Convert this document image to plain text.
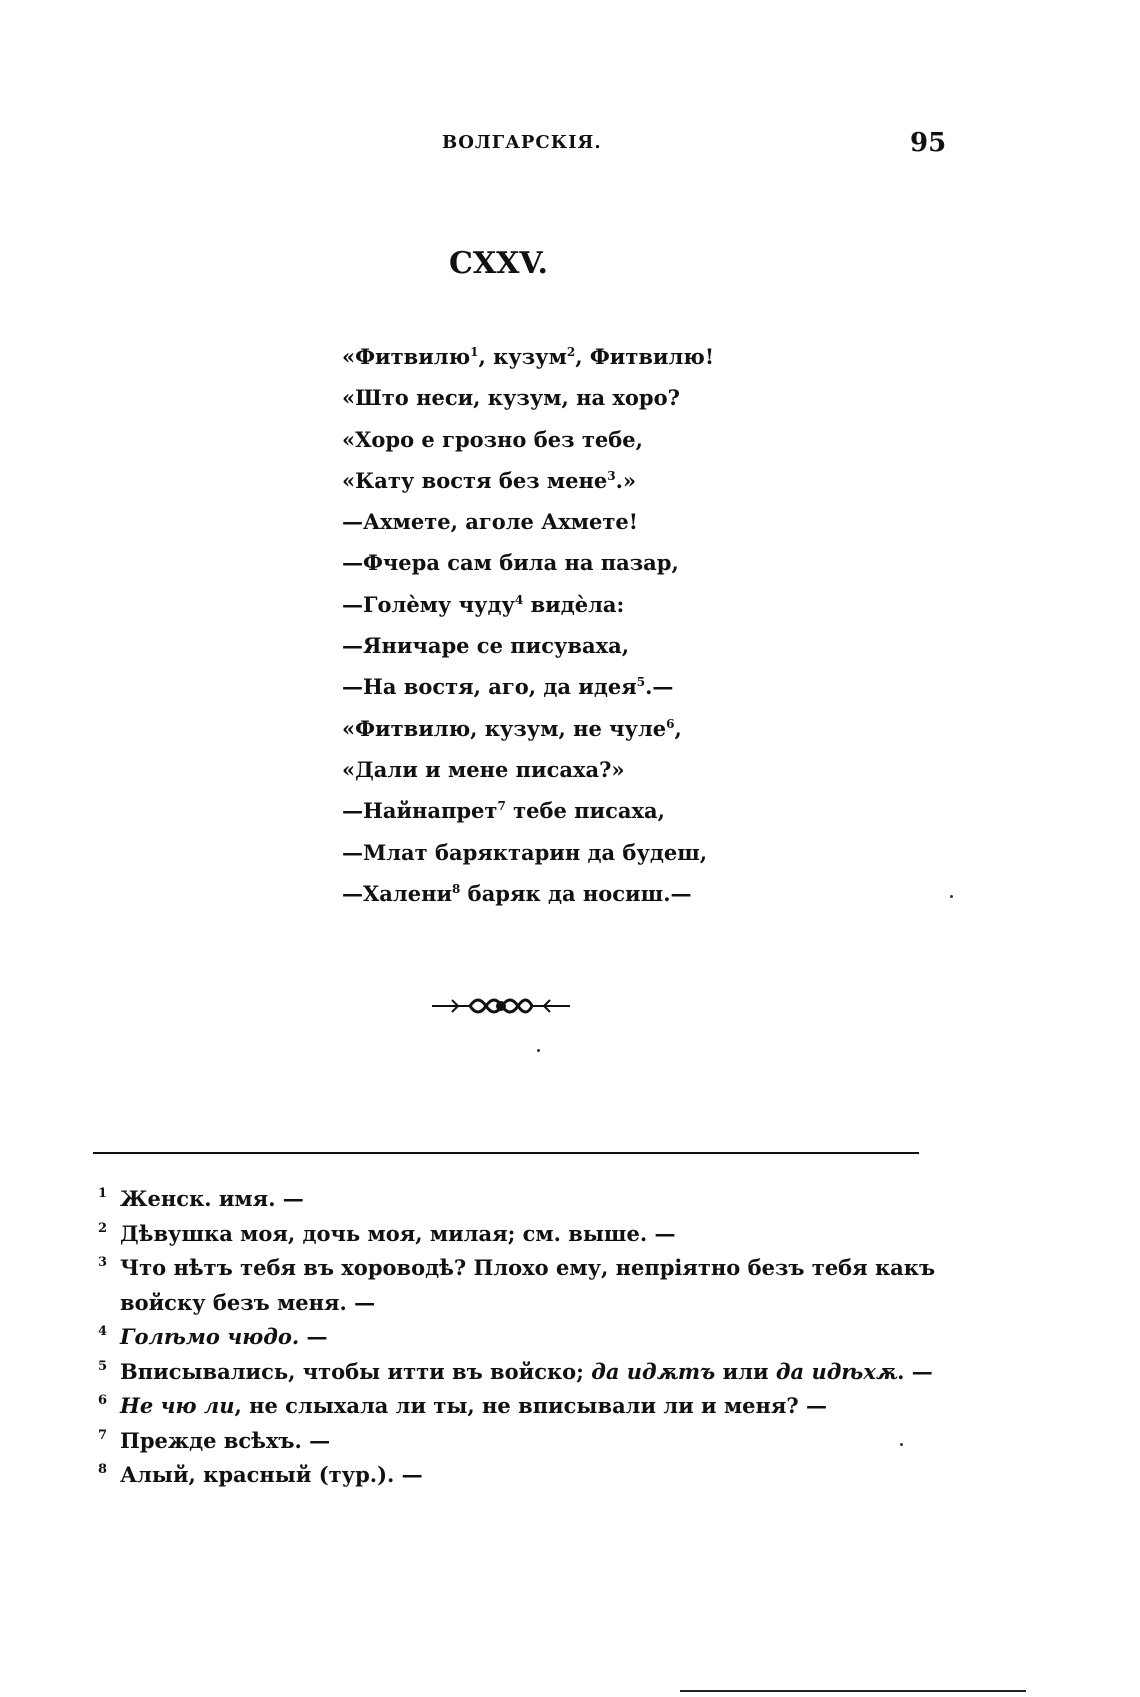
ВОЛГАРСКІЯ.	95
CXXV.
«Фитвилю$^1$, кузум$^2$, Фитвилю!
«Што неси, кузум, на хоро?
«Хоро е грозно без тебе,
«Кату востя без мене$^3$.»
—Ахмете, аголе Ахмете!
—Фчера сам била на пазар,
—Голѐму чуду$^4$ видѐла:
—Яничаре се писуваха,
—На востя, аго, да идея$^5$.—
«Фитвилю, кузум, не чуле$^6$,
«Дали и мене писаха?»
—Найнапрет$^7$ тебе писаха,
—Млат баряктарин да будеш,
—Халени$^8$ баряк да носиш.—
1 Женск. имя. —
2 Дѣвушка моя, дочь моя, милая; см. выше. —
3 Что нѣтъ тебя въ хороводѣ? Плохо ему, непріятно безъ тебя какъ
войску безъ меня. —
4 Голѣмо чюдо. —
5 Вписывались, чтобы итти въ войско; да идѫтъ или да идѣхѫ. —
6 Не чю ли, не слыхала ли ты, не вписывали ли и меня? —
7 Прежде всѣхъ. —
8 Алый, красный (тур.). —
